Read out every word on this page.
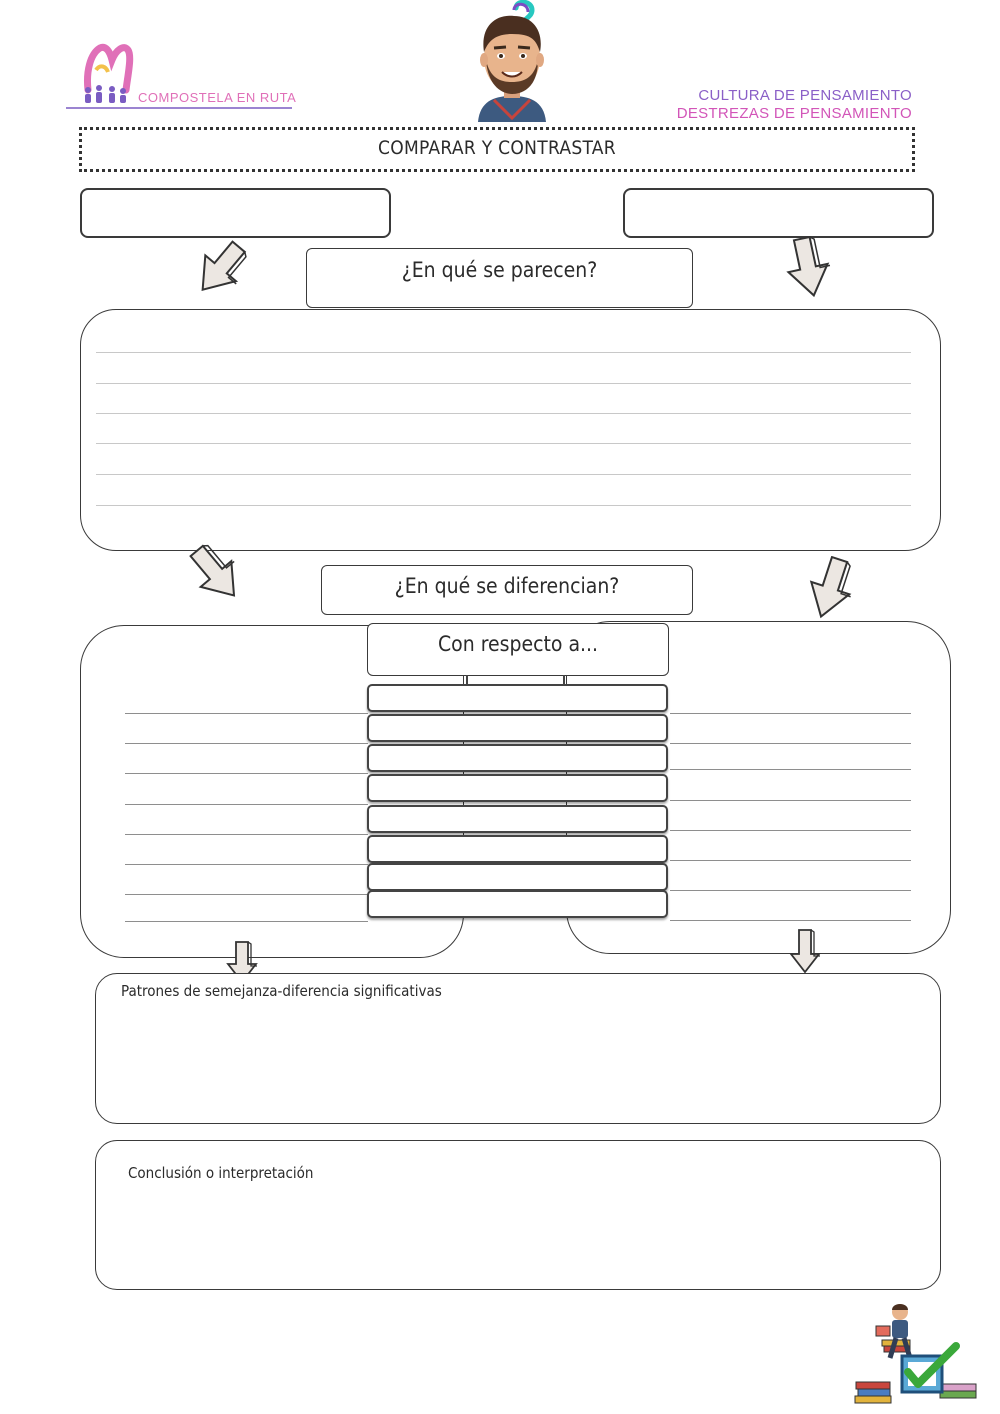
COMPOSTELA EN RUTA	CULTURA DE PENSAMIENTO
DESTREZAS DE PENSAMIENTO
COMPARAR Y CONTRASTAR
¿En qué se parecen?
¿En qué se diferencian?
Con respecto a...
Patrones de semejanza-diferencia significativas
Conclusión o interpretación
